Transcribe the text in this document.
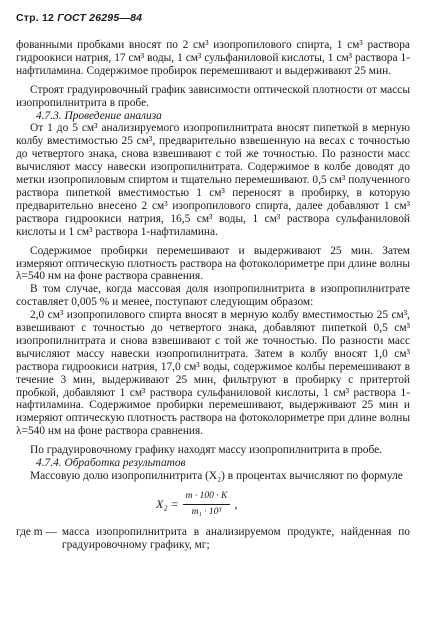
Стр. 12 ГОСТ 26295—84

фованными пробками вносят по 2 см³ изопропилового спирта, 1 см³ раствора гидроокиси натрия, 17 см³ воды, 1 см³ сульфаниловой кислоты, 1 см³ раствора 1-нафтиламина. Содержимое пробирок перемешивают и выдерживают 25 мин.

Строят градуировочный график зависимости оптической плотности от массы изопропилнитрита в пробе.

4.7.3. Проведение анализа

От 1 до 5 см³ анализируемого изопропилнитрата вносят пипеткой в мерную колбу вместимостью 25 см³, предварительно взвешенную на весах с точностью до четвертого знака, снова взвешивают с той же точностью. По разности масс вычисляют массу навески изопропилнитрата. Содержимое в колбе доводят до метки изопропиловым спиртом и тщательно перемешивают. 0,5 см³ полученного раствора пипеткой вместимостью 1 см³ переносят в пробирку, в которую предварительно внесено 2 см³ изопропилового спирта, далее добавляют 1 см³ раствора гидроокиси натрия, 16,5 см³ воды, 1 см³ раствора сульфаниловой кислоты и 1 см³ раствора 1-нафтиламина.

Содержимое пробирки перемешивают и выдерживают 25 мин. Затем измеряют оптическую плотность раствора на фотоколориметре при длине волны λ=540 нм на фоне раствора сравнения.

В том случае, когда массовая доля изопропилнитрита в изопропилнитрате составляет 0,005 % и менее, поступают следующим образом:

2,0 см³ изопропилового спирта вносят в мерную колбу вместимостью 25 см³, взвешивают с точностью до четвертого знака, добавляют пипеткой 0,5 см³ изопропилнитрата и снова взвешивают с той же точностью. По разности масс вычисляют массу навески изопропилнитрата. Затем в колбу вносят 1,0 см³ раствора гидроокиси натрия, 17,0 см³ воды, содержимое колбы перемешивают в течение 3 мин, выдерживают 25 мин, фильтруют в пробирку с притертой пробкой, добавляют 1 см³ раствора сульфаниловой кислоты, 1 см³ раствора 1-нафтиламина. Содержимое пробирки перемешивают, выдерживают 25 мин и измеряют оптическую плотность раствора на фотоколориметре при длине волны λ=540 нм на фоне раствора сравнения.

По градуировочному графику находят массу изопропилнитрита в пробе.

4.7.4. Обработка результатов

Массовую долю изопропилнитрита (X₂) в процентах вычисляют по формуле

$X_2 = \frac{m \cdot 100 \cdot K}{\text{m₁ · 10³}}$ ,
где m — масса изопропилнитрита в анализируемом продукте, найденная по градуировочному графику, мг;
